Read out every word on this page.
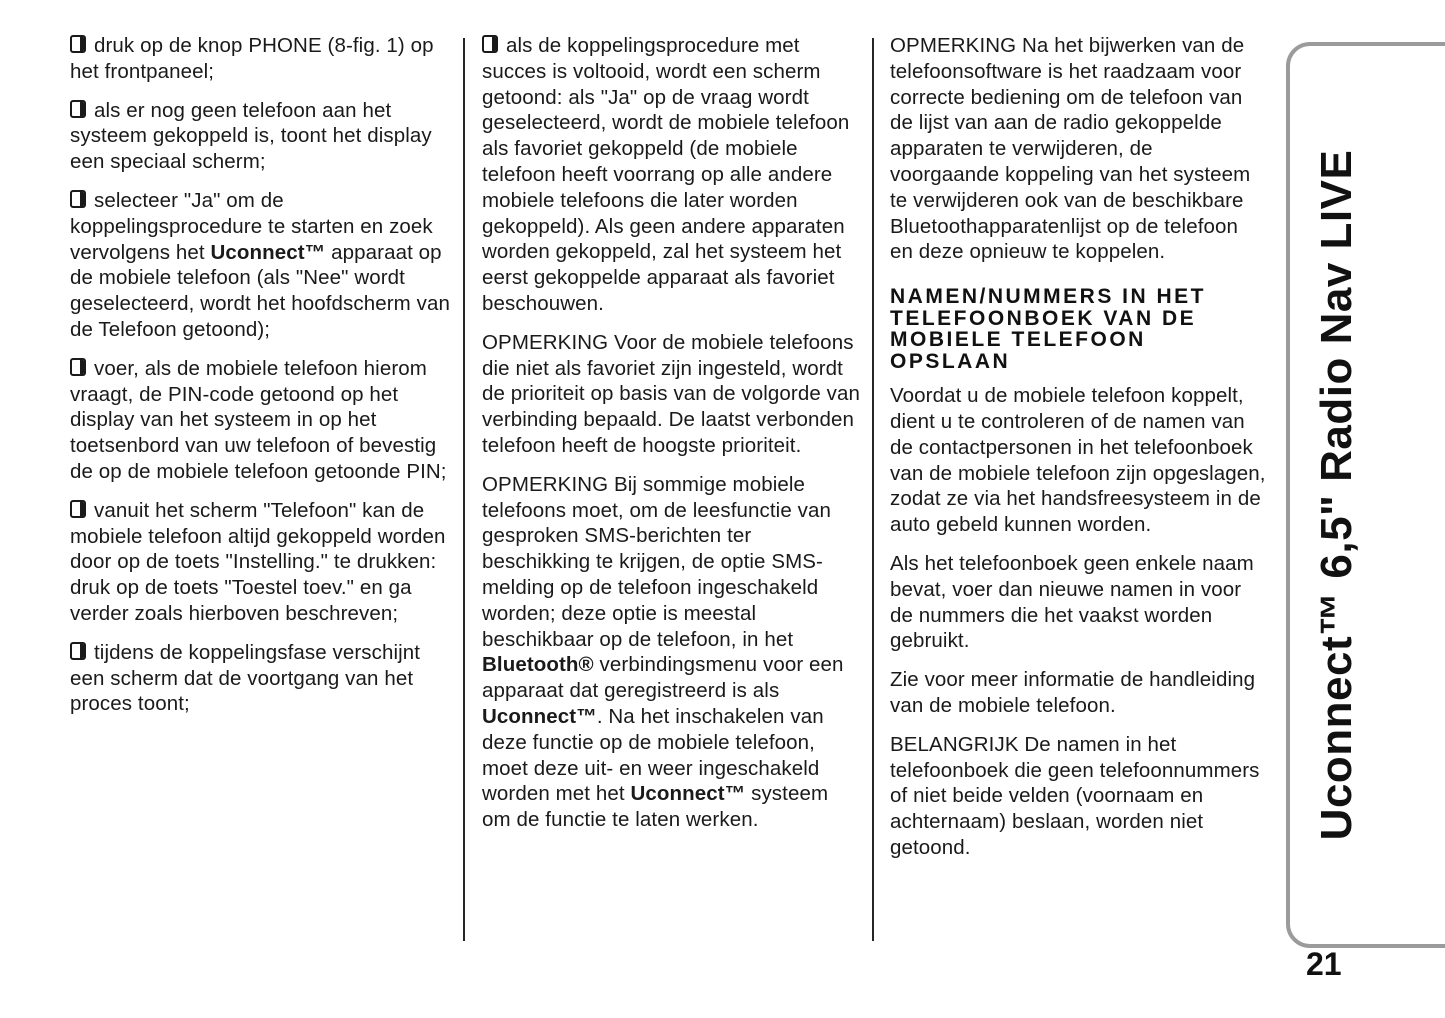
druk op de knop PHONE (8-fig. 1) op het frontpaneel;

als er nog geen telefoon aan het systeem gekoppeld is, toont het display een speciaal scherm;

selecteer "Ja" om de koppelingsprocedure te starten en zoek vervolgens het Uconnect™ apparaat op de mobiele telefoon (als "Nee" wordt geselecteerd, wordt het hoofdscherm van de Telefoon getoond);

voer, als de mobiele telefoon hierom vraagt, de PIN-code getoond op het display van het systeem in op het toetsenbord van uw telefoon of bevestig de op de mobiele telefoon getoonde PIN;

vanuit het scherm "Telefoon" kan de mobiele telefoon altijd gekoppeld worden door op de toets "Instelling." te drukken: druk op de toets "Toestel toev." en ga verder zoals hierboven beschreven;

tijdens de koppelingsfase verschijnt een scherm dat de voortgang van het proces toont;

als de koppelingsprocedure met succes is voltooid, wordt een scherm getoond: als "Ja" op de vraag wordt geselecteerd, wordt de mobiele telefoon als favoriet gekoppeld (de mobiele telefoon heeft voorrang op alle andere mobiele telefoons die later worden gekoppeld). Als geen andere apparaten worden gekoppeld, zal het systeem het eerst gekoppelde apparaat als favoriet beschouwen.

OPMERKING Voor de mobiele telefoons die niet als favoriet zijn ingesteld, wordt de prioriteit op basis van de volgorde van verbinding bepaald. De laatst verbonden telefoon heeft de hoogste prioriteit.

OPMERKING Bij sommige mobiele telefoons moet, om de leesfunctie van gesproken SMS-berichten ter beschikking te krijgen, de optie SMS-melding op de telefoon ingeschakeld worden; deze optie is meestal beschikbaar op de telefoon, in het Bluetooth® verbindingsmenu voor een apparaat dat geregistreerd is als Uconnect™. Na het inschakelen van deze functie op de mobiele telefoon, moet deze uit- en weer ingeschakeld worden met het Uconnect™ systeem om de functie te laten werken.

OPMERKING Na het bijwerken van de telefoonsoftware is het raadzaam voor correcte bediening om de telefoon van de lijst van aan de radio gekoppelde apparaten te verwijderen, de voorgaande koppeling van het systeem te verwijderen ook van de beschikbare Bluetoothapparatenlijst op de telefoon en deze opnieuw te koppelen.

NAMEN/NUMMERS IN HET TELEFOONBOEK VAN DE MOBIELE TELEFOON OPSLAAN

Voordat u de mobiele telefoon koppelt, dient u te controleren of de namen van de contactpersonen in het telefoonboek van de mobiele telefoon zijn opgeslagen, zodat ze via het handsfreesysteem in de auto gebeld kunnen worden.

Als het telefoonboek geen enkele naam bevat, voer dan nieuwe namen in voor de nummers die het vaakst worden gebruikt.

Zie voor meer informatie de handleiding van de mobiele telefoon.

BELANGRIJK De namen in het telefoonboek die geen telefoonnummers of niet beide velden (voornaam en achternaam) beslaan, worden niet getoond.

Uconnect™ 6,5" Radio Nav LIVE
21
